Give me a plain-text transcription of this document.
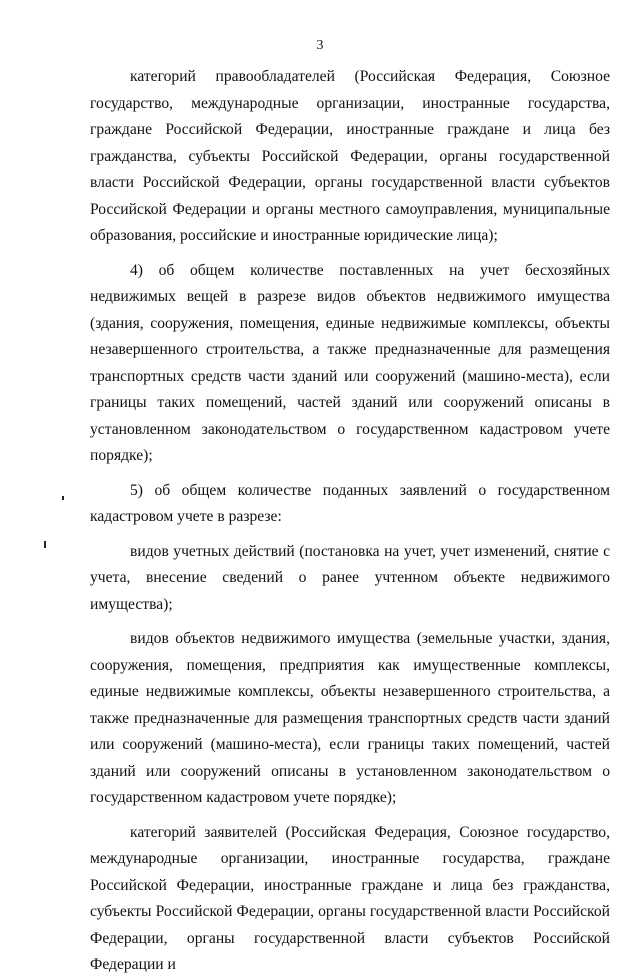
3

категорий правообладателей (Российская Федерация, Союзное государство, международные организации, иностранные государства, граждане Российской Федерации, иностранные граждане и лица без гражданства, субъекты Российской Федерации, органы государственной власти Российской Федерации, органы государственной власти субъектов Российской Федерации и органы местного самоуправления, муниципальные образования, российские и иностранные юридические лица);

4) об общем количестве поставленных на учет бесхозяйных недвижимых вещей в разрезе видов объектов недвижимого имущества (здания, сооружения, помещения, единые недвижимые комплексы, объекты незавершенного строительства, а также предназначенные для размещения транспортных средств части зданий или сооружений (машино-места), если границы таких помещений, частей зданий или сооружений описаны в установленном законодательством о государственном кадастровом учете порядке);

5) об общем количестве поданных заявлений о государственном кадастровом учете в разрезе:

видов учетных действий (постановка на учет, учет изменений, снятие с учета, внесение сведений о ранее учтенном объекте недвижимого имущества);

видов объектов недвижимого имущества (земельные участки, здания, сооружения, помещения, предприятия как имущественные комплексы, единые недвижимые комплексы, объекты незавершенного строительства, а также предназначенные для размещения транспортных средств части зданий или сооружений (машино-места), если границы таких помещений, частей зданий или сооружений описаны в установленном законодательством о государственном кадастровом учете порядке);

категорий заявителей (Российская Федерация, Союзное государство, международные организации, иностранные государства, граждане Российской Федерации, иностранные граждане и лица без гражданства, субъекты Российской Федерации, органы государственной власти Российской Федерации, органы государственной власти субъектов Российской Федерации и
